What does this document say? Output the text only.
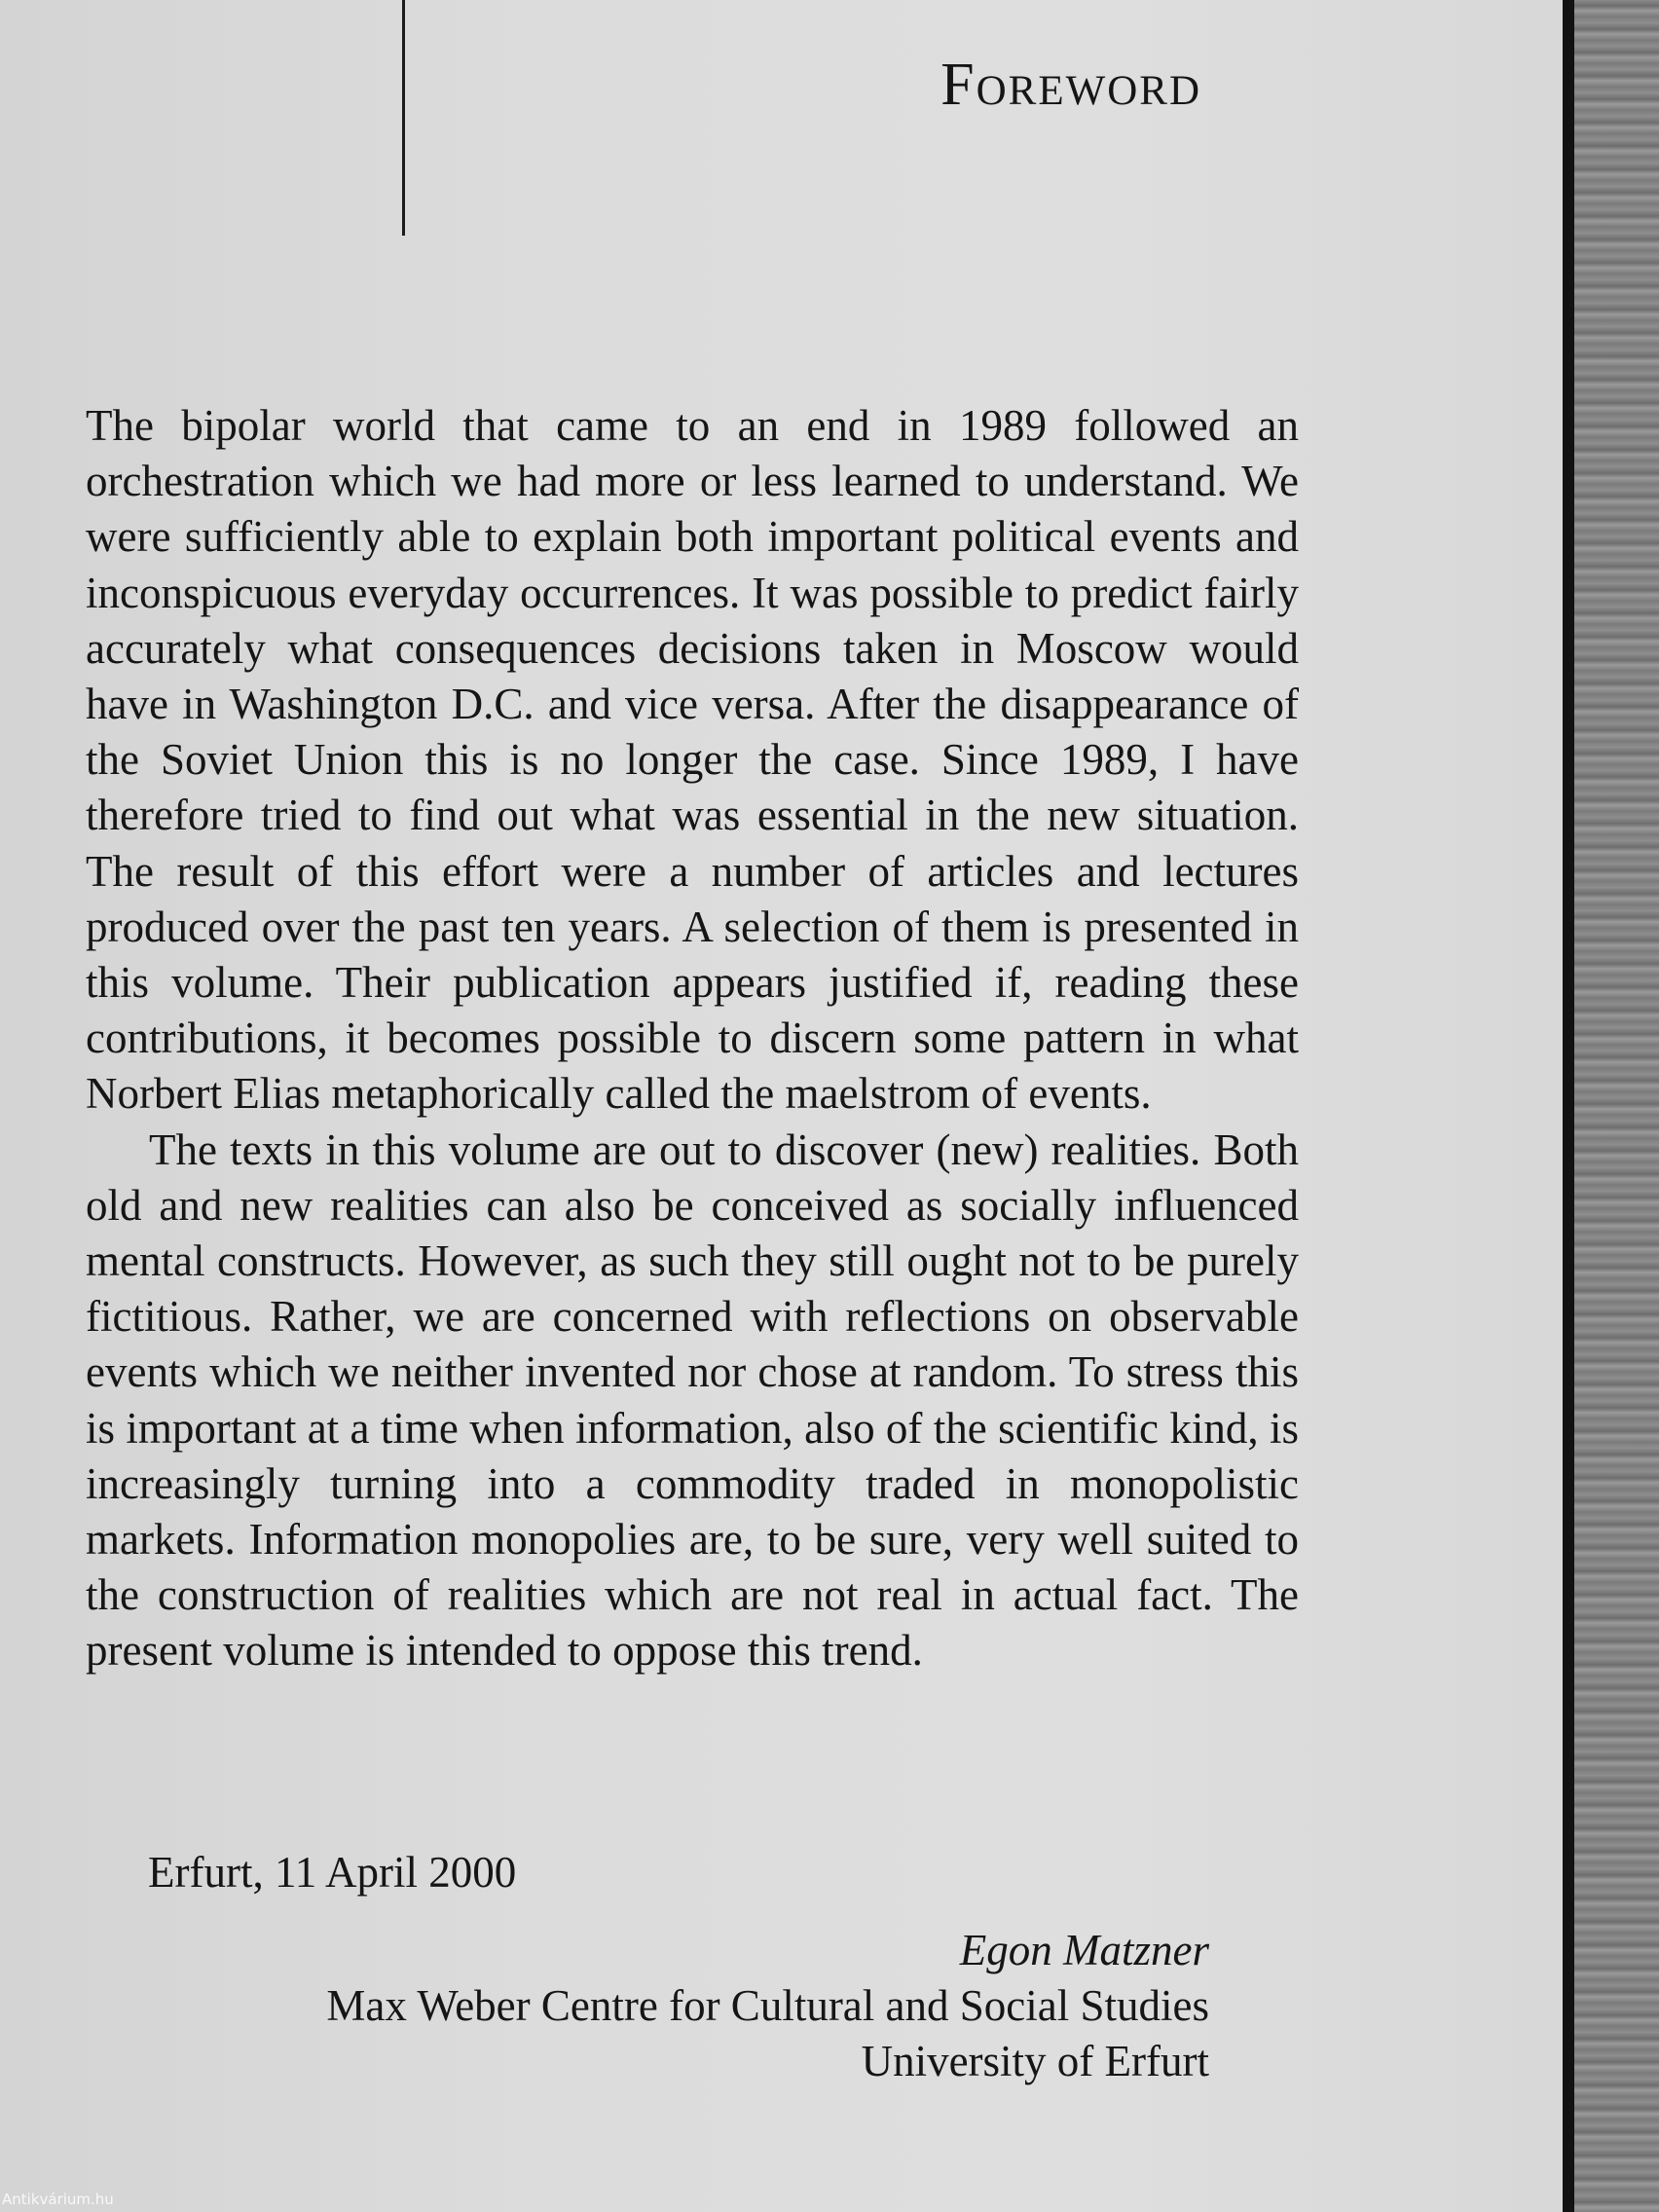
Foreword

The bipolar world that came to an end in 1989 followed an orchestration which we had more or less learned to understand. We were sufficiently able to explain both important political events and inconspicuous everyday occurrences. It was possible to predict fairly accurately what consequences decisions taken in Moscow would have in Washington D.C. and vice versa. After the disappearance of the Soviet Union this is no longer the case. Since 1989, I have therefore tried to find out what was essential in the new situation. The result of this effort were a number of articles and lectures produced over the past ten years. A selection of them is presented in this volume. Their publication appears justified if, reading these contributions, it becomes possible to discern some pattern in what Norbert Elias metaphorically called the maelstrom of events.

The texts in this volume are out to discover (new) realities. Both old and new realities can also be conceived as socially influenced mental constructs. However, as such they still ought not to be purely fictitious. Rather, we are concerned with reflections on observable events which we neither invented nor chose at random. To stress this is important at a time when information, also of the scientific kind, is increasingly turning into a commodity traded in monopolistic markets. Information monopolies are, to be sure, very well suited to the construction of realities which are not real in actual fact. The present volume is intended to oppose this trend.

Erfurt, 11 April 2000

Egon Matzner
Max Weber Centre for Cultural and Social Studies
University of Erfurt
Antikvárium.hu
